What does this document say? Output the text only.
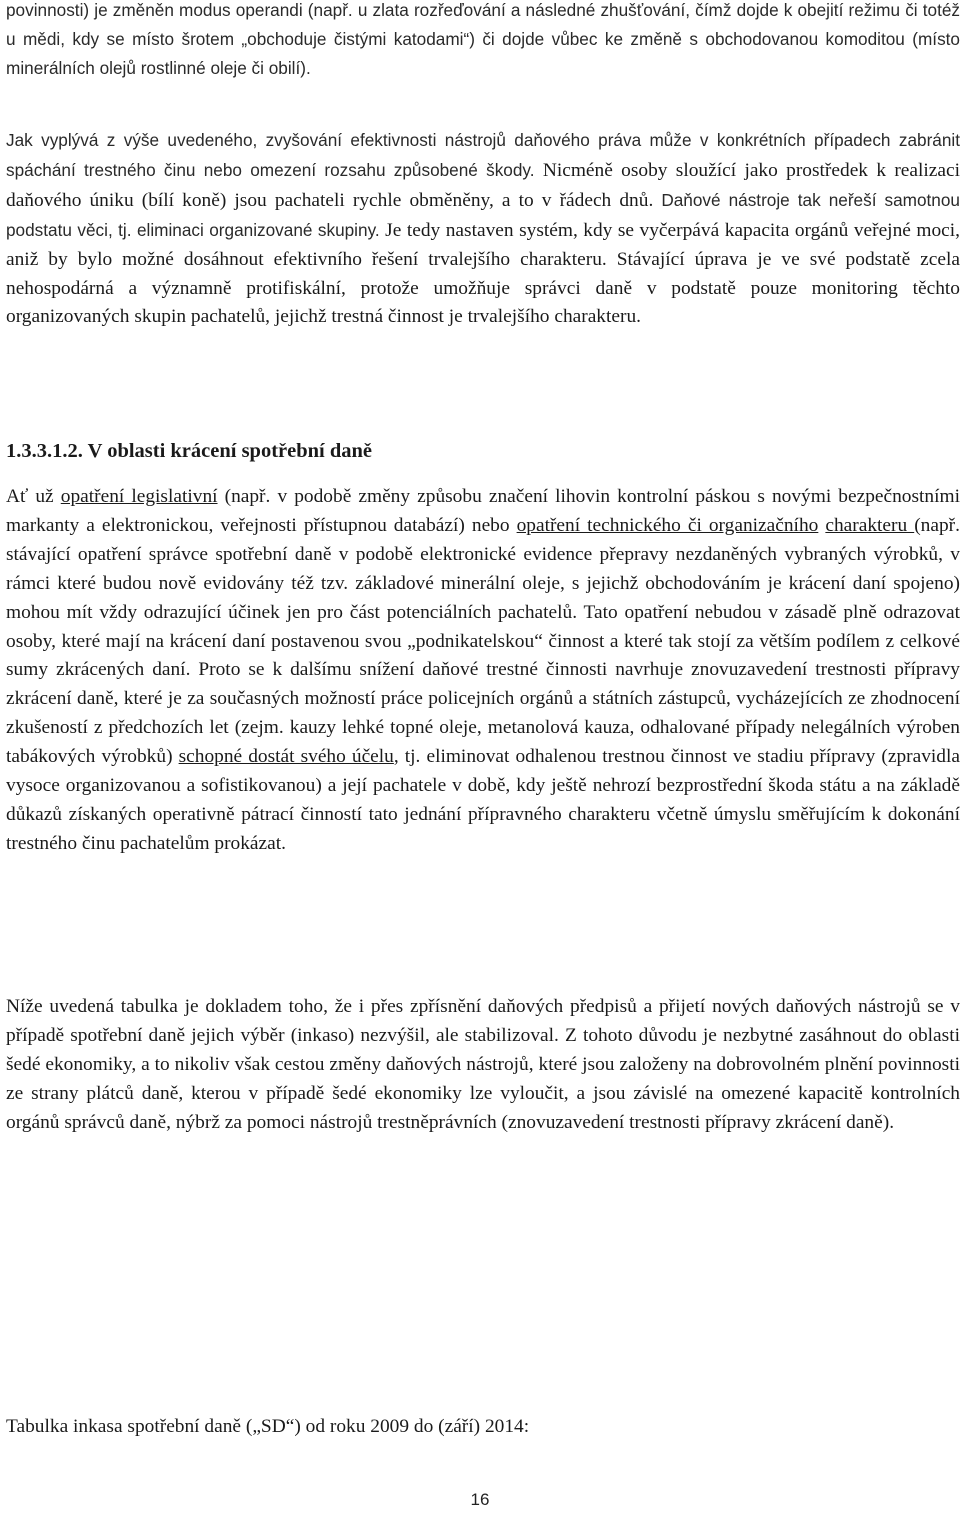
povinnosti) je změněn modus operandi (např. u zlata rozřeďování a následné zhušťování, čímž dojde k obejití režimu či totéž u mědi, kdy se místo šrotem „obchoduje čistými katodami“) či dojde vůbec ke změně s obchodovanou komoditou (místo minerálních olejů rostlinné oleje či obilí).

Jak vyplývá z výše uvedeného, zvyšování efektivnosti nástrojů daňového práva může v konkrétních případech zabránit spáchání trestného činu nebo omezení rozsahu způsobené škody. Nicméně osoby sloužící jako prostředek k realizaci daňového úniku (bílí koně) jsou pachateli rychle obměněny, a to v řádech dnů. Daňové nástroje tak neřeší samotnou podstatu věci, tj. eliminaci organizované skupiny. Je tedy nastaven systém, kdy se vyčerpává kapacita orgánů veřejné moci, aniž by bylo možné dosáhnout efektivního řešení trvalejšího charakteru. Stávající úprava je ve své podstatě zcela nehospodárná a významně protifiskální, protože umožňuje správci daně v podstatě pouze monitoring těchto organizovaných skupin pachatelů, jejichž trestná činnost je trvalejšího charakteru.

1.3.3.1.2. V oblasti krácení spotřební daně

Ať už opatření legislativní (např. v podobě změny způsobu značení lihovin kontrolní páskou s novými bezpečnostními markanty a elektronickou, veřejnosti přístupnou databází) nebo opatření technického či organizačního charakteru (např. stávající opatření správce spotřební daně v podobě elektronické evidence přepravy nezdaněných vybraných výrobků, v rámci které budou nově evidovány též tzv. základové minerální oleje, s jejichž obchodováním je krácení daní spojeno) mohou mít vždy odrazující účinek jen pro část potenciálních pachatelů. Tato opatření nebudou v zásadě plně odrazovat osoby, které mají na krácení daní postavenou svou „podnikatelskou“ činnost a které tak stojí za větším podílem z celkové sumy zkrácených daní. Proto se k dalšímu snížení daňové trestné činnosti navrhuje znovuzavedení trestnosti přípravy zkrácení daně, které je za současných možností práce policejních orgánů a státních zástupců, vycházejících ze zhodnocení zkušeností z předchozích let (zejm. kauzy lehké topné oleje, metanolová kauza, odhalované případy nelegálních výroben tabákových výrobků) schopné dostát svého účelu, tj. eliminovat odhalenou trestnou činnost ve stadiu přípravy (zpravidla vysoce organizovanou a sofistikovanou) a její pachatele v době, kdy ještě nehrozí bezprostřední škoda státu a na základě důkazů získaných operativně pátrací činností tato jednání přípravného charakteru včetně úmyslu směřujícím k dokonání trestného činu pachatelům prokázat.

Níže uvedená tabulka je dokladem toho, že i přes zpřísnění daňových předpisů a přijetí nových daňových nástrojů se v případě spotřební daně jejich výběr (inkaso) nezvýšil, ale stabilizoval. Z tohoto důvodu je nezbytné zasáhnout do oblasti šedé ekonomiky, a to nikoliv však cestou změny daňových nástrojů, které jsou založeny na dobrovolném plnění povinnosti ze strany plátců daně, kterou v případě šedé ekonomiky lze vyloučit, a jsou závislé na omezené kapacitě kontrolních orgánů správců daně, nýbrž za pomoci nástrojů trestněprávních (znovuzavedení trestnosti přípravy zkrácení daně).

Tabulka inkasa spotřební daně („SD“) od roku 2009 do (září) 2014:

16
